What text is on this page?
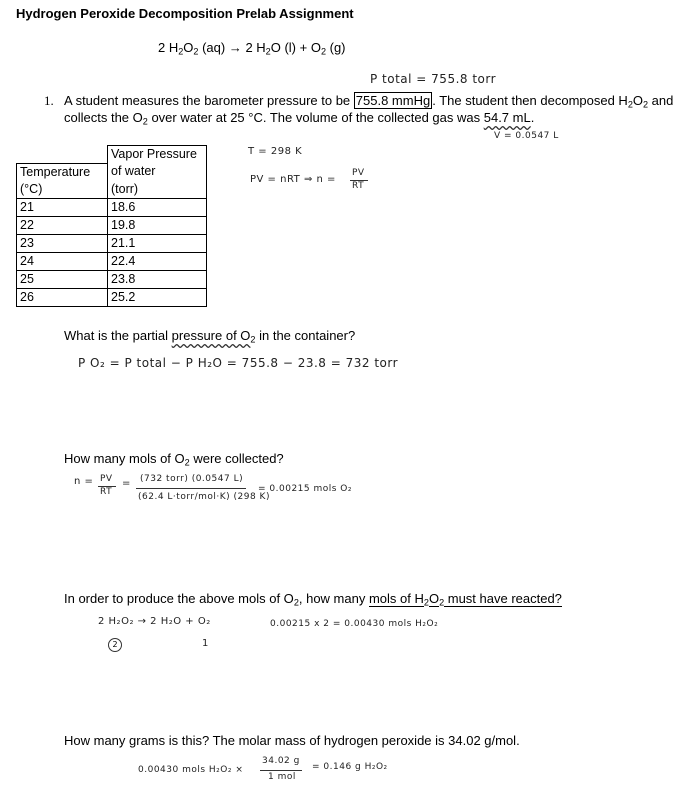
Hydrogen Peroxide Decomposition Prelab Assignment
2 $H_2O_2$ (aq) → 2 $H_2O$ $(l) + O_2$ (g)
P total = 755.8 torr
1. A student measures the barometer pressure to be 755.8 mmHg . The student then decomposed $H_2O_2$ and
collects the $O_2$ over water at 25 °C. The volume of the collected gas was 54.7 mL.
V = 0.0547 L
	Vapor Pressure
Temperature	of water
(°C)	(torr)
21	18.6
22	19.8
23	21.1
24	22.4
25	23.8
26	25.2
T = 298 K
PV = nRT ⇒ n =
PV
RT
What is the partial pressure of $O_2$ in the container?
P O₂ = P total − P H₂O = 755.8 − 23.8 = 732 torr
How many mols of $O_2$ were collected?
n = PV
RT
= (732 torr) (0.0547 L)
(62.4 L·torr/mol·K) (298 K)
= 0.00215 mols O₂
In order to produce the above mols of $O_2$, how many mols of $H_2O_2$ must have reacted?
2 H₂O₂ → 2 H₂O + O₂
2	1
0.00215 x 2 = 0.00430 mols H₂O₂
How many grams is this? The molar mass of hydrogen peroxide is 34.02 g/mol.
0.00430 mols H₂O₂ ×
34.02 g
1 mol
= 0.146 g H₂O₂
